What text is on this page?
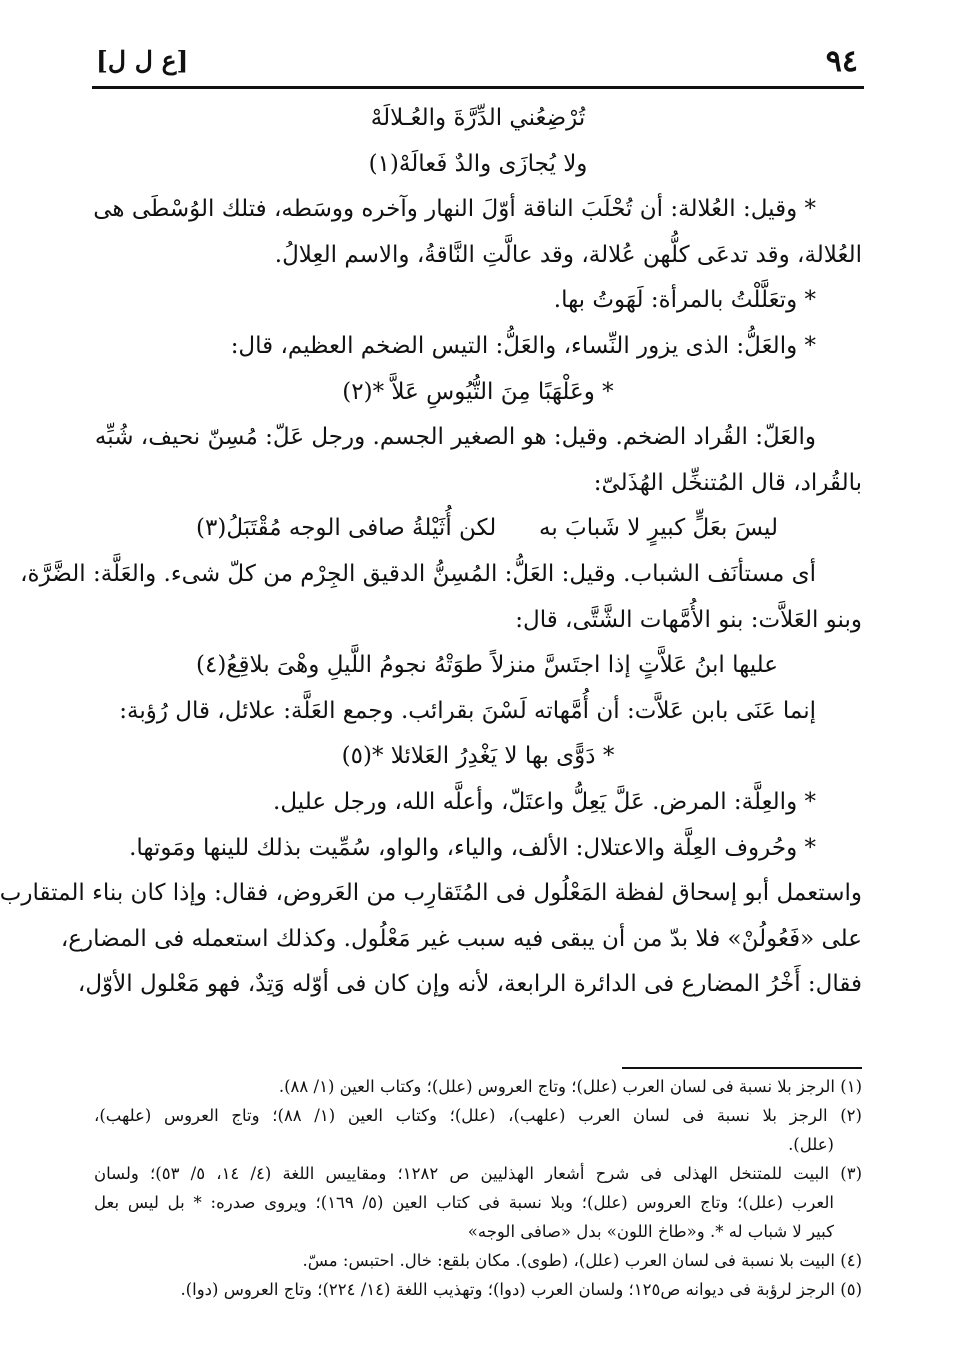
٩٤
[ع ل ل]
تُرْضِعُني الدِّرَّةَ والعُـلالَهْ
ولا يُجازَى والدٌ فَعالَهْ(١)
* وقيل: العُلالة: أن تُحْلَبَ الناقة أوّلَ النهار وآخره ووسَطه، فتلك الوُسْطَى هى
العُلالة، وقد تدعَى كلُّهن عُلالة، وقد عالَّتِ النَّاقةُ، والاسم العِلالُ.
* وتعَلَّلْتُ بالمرأة: لَهَوتُ بها.
* والعَلُّ: الذى يزور النِّساء، والعَلُّ: التيس الضخم العظيم، قال:
* وعَلْهَبًا مِنَ التُّيُوسِ عَلاَّ *(٢)
والعَلّ: القُراد الضخم. وقيل: هو الصغير الجسم. ورجل عَلّ: مُسِنّ نحيف، شُبِّه
بالقُراد، قال المُتنخِّل الهُذَلىّ:
ليسَ بعَلٍّ كبيرٍ لا شَبابَ به
لكن أُثَيْلةُ صافى الوجه مُقْتَبَلُ(٣)
أى مستأنَف الشباب. وقيل: العَلُّ: المُسِنُّ الدقيق الجِرْم من كلّ شىء. والعَلَّة: الضَّرَّة،
وبنو العَلاَّت: بنو الأُمَّهات الشَّتَّى، قال:
عليها ابنُ عَلاَّتٍ إذا اجتَسَّ منزلاً
طوَتْهُ نجومُ اللَّيلِ وهْىَ بلاقِعُ(٤)
إنما عَنَى بابن عَلاَّت: أن أُمَّهاته لَسْنَ بقرائب. وجمع العَلَّة: علائل، قال رُؤبة:
* دَوًّى بها لا يَغْدِرُ العَلائلا *(٥)
* والعِلَّة: المرض. عَلَّ يَعِلُّ واعتَلّ، وأعلَّه الله، ورجل عليل.
* وحُروف العِلَّة والاعتلال: الألف، والياء، والواو، سُمِّيت بذلك للينها ومَوتها.
واستعمل أبو إسحاق لفظة المَعْلُول فى المُتَقارِب من العَروض، فقال: وإذا كان بناء المتقارب
على «فَعُولُنْ» فلا بدّ من أن يبقى فيه سبب غير مَعْلُول. وكذلك استعمله فى المضارع،
فقال: أَخْرُ المضارع فى الدائرة الرابعة، لأنه وإن كان فى أوّله وَتِدٌ، فهو مَعْلول الأوّل،
(١) الرجز بلا نسبة فى لسان العرب (علل)؛ وتاج العروس (علل)؛ وكتاب العين (١/ ٨٨).
(٢) الرجز بلا نسبة فى لسان العرب (علهب)، (علل)؛ وكتاب العين (١/ ٨٨)؛ وتاج العروس (علهب)،
(علل).
(٣) البيت للمتنخل الهذلى فى شرح أشعار الهذليين ص ١٢٨٢؛ ومقاييس اللغة (٤/ ١٤، ٥/ ٥٣)؛ ولسان
العرب (علل)؛ وتاج العروس (علل)؛ وبلا نسبة فى كتاب العين (٥/ ١٦٩)؛ ويروى صدره: * بل ليس بعل
كبير لا شباب له *. و«طاخ اللون» بدل «صافى الوجه»
(٤) البيت بلا نسبة فى لسان العرب (علل)، (طوى). مكان بلقع: خال. احتبس: مسّ.
(٥) الرجز لرؤبة فى ديوانه ص١٢٥؛ ولسان العرب (دوا)؛ وتهذيب اللغة (١٤/ ٢٢٤)؛ وتاج العروس (دوا).
